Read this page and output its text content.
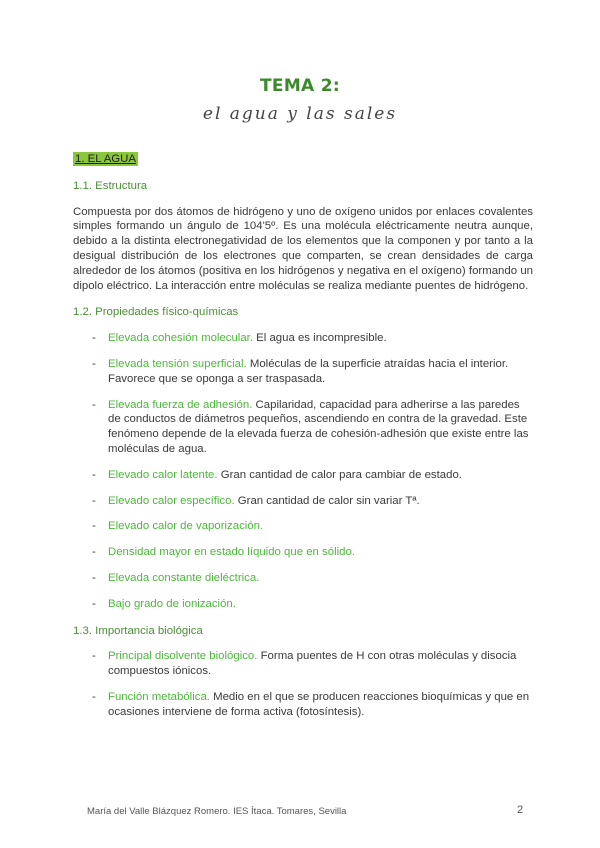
TEMA 2:
el agua y las sales
1. EL AGUA
1.1. Estructura

Compuesta por dos átomos de hidrógeno y uno de oxígeno unidos por enlaces covalentes simples formando un ángulo de 104'5º. Es una molécula eléctricamente neutra aunque, debido a la distinta electronegatividad de los elementos que la componen y por tanto a la desigual distribución de los electrones que comparten, se crean densidades de carga alrededor de los átomos (positiva en los hidrógenos y negativa en el oxígeno) formando un dipolo eléctrico. La interacción entre moléculas se realiza mediante puentes de hidrógeno.

1.2. Propiedades físico-químicas
- Elevada cohesión molecular. El agua es incompresible.
- Elevada tensión superficial. Moléculas de la superficie atraídas hacia el interior. Favorece que se oponga a ser traspasada.
- Elevada fuerza de adhesión. Capilaridad, capacidad para adherirse a las paredes de conductos de diámetros pequeños, ascendiendo en contra de la gravedad. Este fenómeno depende de la elevada fuerza de cohesión-adhesión que existe entre las moléculas de agua.
- Elevado calor latente. Gran cantidad de calor para cambiar de estado.
- Elevado calor específico. Gran cantidad de calor sin variar Tª.
- Elevado calor de vaporización.
- Densidad mayor en estado líquido que en sólido.
- Elevada constante dieléctrica.
- Bajo grado de ionización.
1.3. Importancia biológica
- Principal disolvente biológico. Forma puentes de H con otras moléculas y disocia compuestos iónicos.
- Función metabólica. Medio en el que se producen reacciones bioquímicas y que en ocasiones interviene de forma activa (fotosíntesis).
María del Valle Blázquez Romero. IES Ítaca. Tomares, Sevilla	2
